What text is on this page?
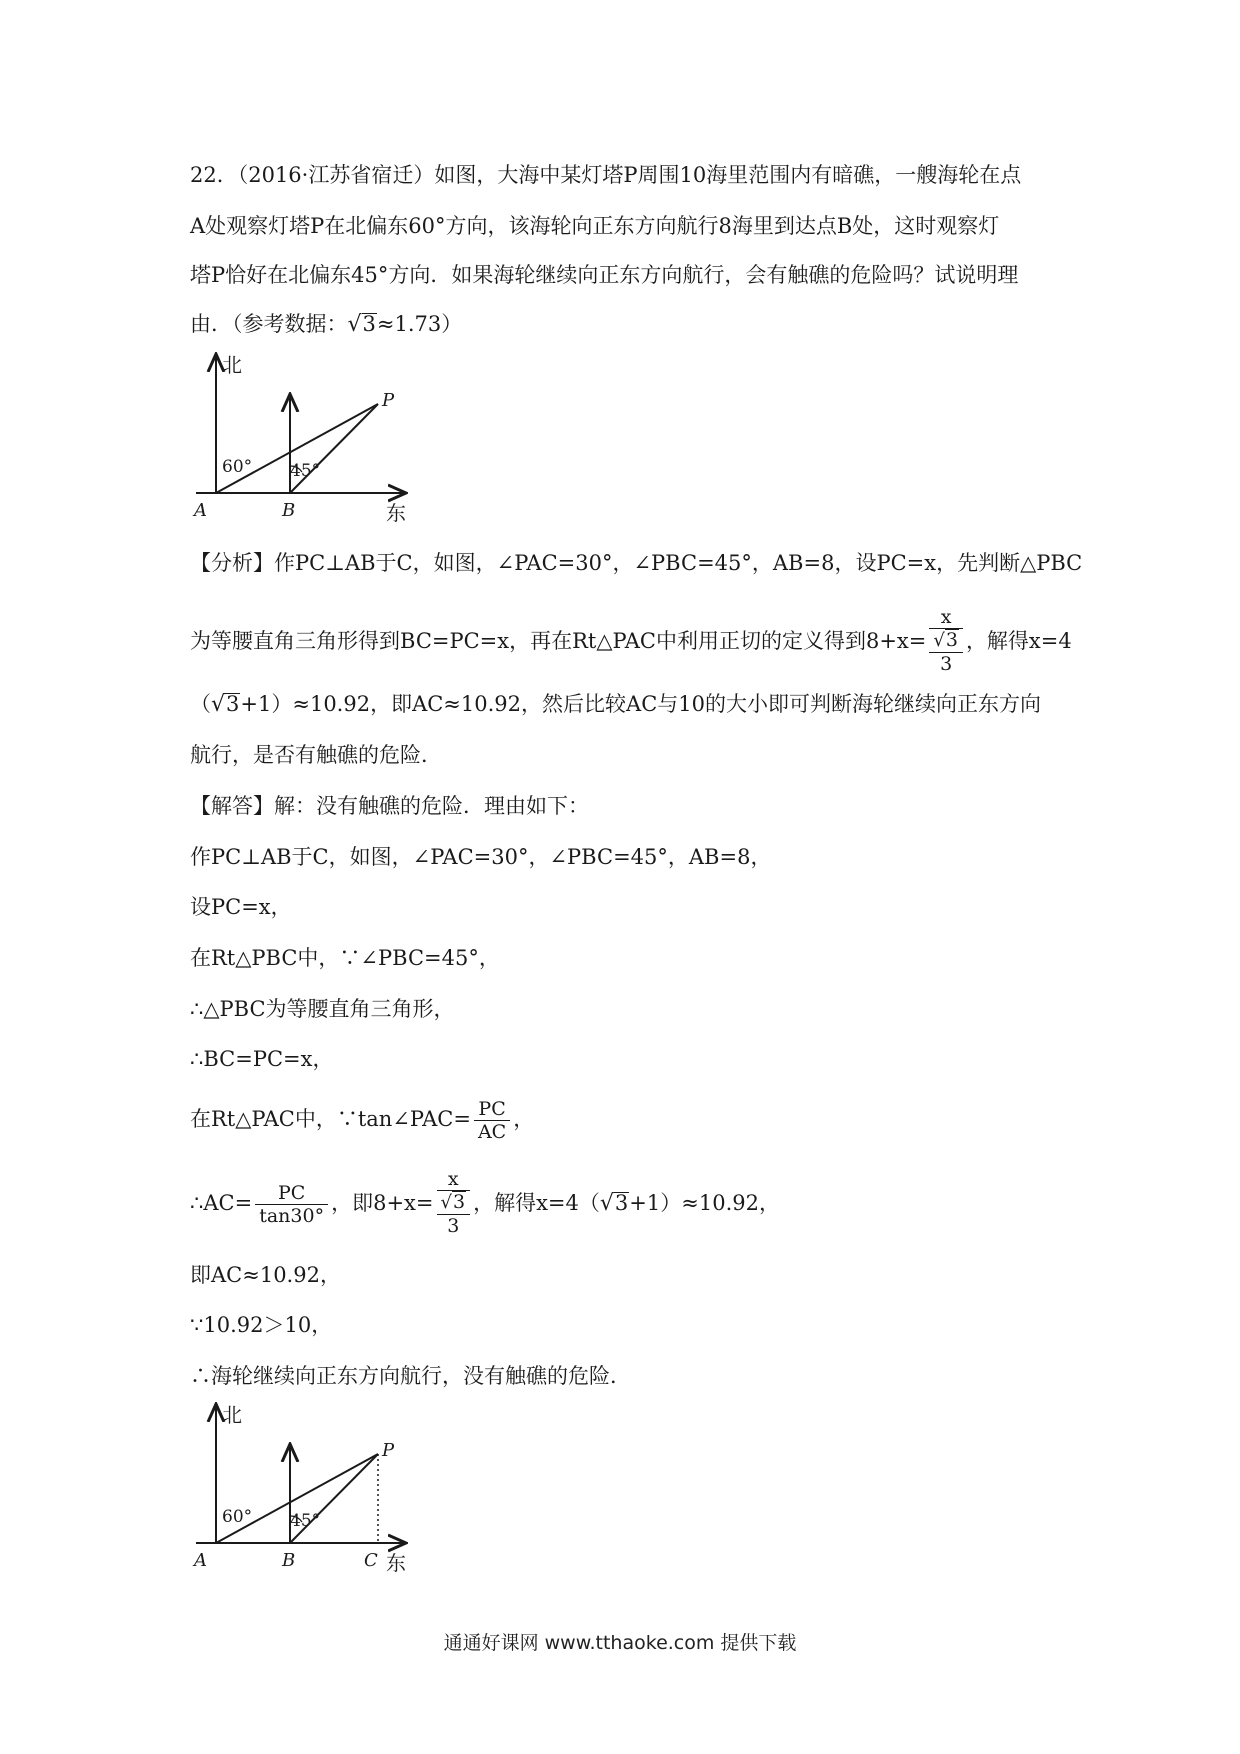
22．（2016·江苏省宿迁）如图，大海中某灯塔P周围10海里范围内有暗礁，一艘海轮在点
A处观察灯塔P在北偏东60°方向，该海轮向正东方向航行8海里到达点B处，这时观察灯
塔P恰好在北偏东45°方向．如果海轮继续向正东方向航行，会有触礁的危险吗？试说明理
由．（参考数据：√3≈1.73）
北
东
A	B
P
60° 45°
【分析】作PC⊥AB于C，如图，∠PAC=30°，∠PBC=45°，AB=8，设PC=x，先判断△PBC
为等腰直角三角形得到BC=PC=x，再在Rt△PAC中利用正切的定义得到8+x=
x
√3
3
，解得x=4
（√3+1）≈10.92，即AC≈10.92，然后比较AC与10的大小即可判断海轮继续向正东方向
航行，是否有触礁的危险．
【解答】解：没有触礁的危险．理由如下：
作PC⊥AB于C，如图，∠PAC=30°，∠PBC=45°，AB=8，
设PC=x，
在Rt△PBC中，∵∠PBC=45°，
∴△PBC为等腰直角三角形，
∴BC=PC=x，
在Rt△PAC中，∵tan∠PAC= $\frac{PC}{AC}$ ，
∴AC= $\frac{PC}{\tan 30^\circ}$ ，即8+x=
x
√3
3
，解得x=4（√3+1）≈10.92，
即AC≈10.92，
∵10.92＞10，
∴海轮继续向正东方向航行，没有触礁的危险．
北
东
A	B	C
P
60° 45°
通通好课网 www.tthaoke.com 提供下载
